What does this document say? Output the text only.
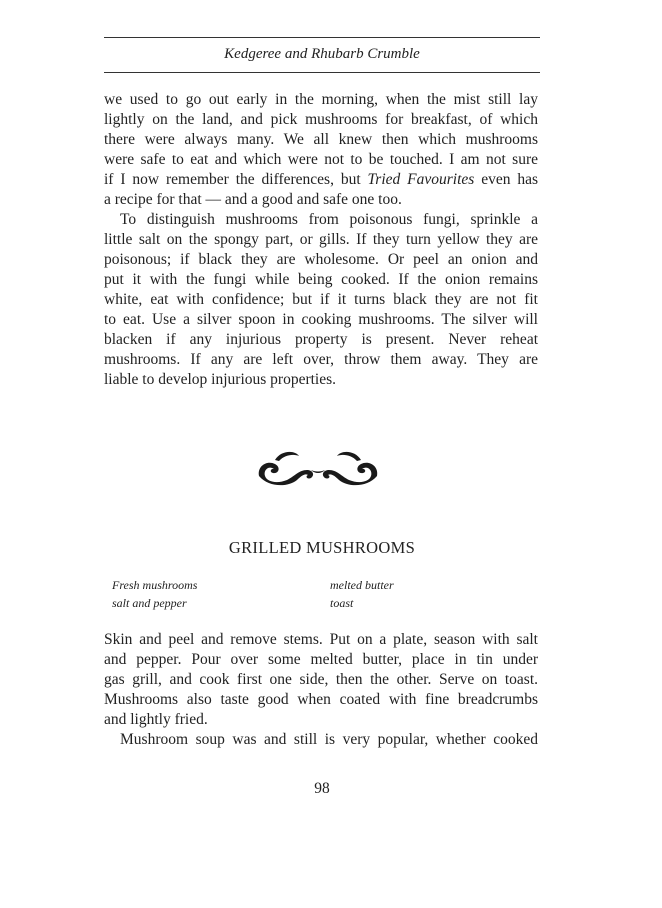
Kedgeree and Rhubarb Crumble
we used to go out early in the morning, when the mist still lay
lightly on the land, and pick mushrooms for breakfast, of which
there were always many. We all knew then which mushrooms
were safe to eat and which were not to be touched. I am not sure
if I now remember the differences, but Tried Favourites even has
a recipe for that — and a good and safe one too.
To distinguish mushrooms from poisonous fungi, sprinkle a
little salt on the spongy part, or gills. If they turn yellow they are
poisonous; if black they are wholesome. Or peel an onion and
put it with the fungi while being cooked. If the onion remains
white, eat with confidence; but if it turns black they are not fit
to eat. Use a silver spoon in cooking mushrooms. The silver will
blacken if any injurious property is present. Never reheat
mushrooms. If any are left over, throw them away. They are
liable to develop injurious properties.
GRILLED MUSHROOMS
Fresh mushrooms
salt and pepper
melted butter
toast
Skin and peel and remove stems. Put on a plate, season with salt
and pepper. Pour over some melted butter, place in tin under
gas grill, and cook first one side, then the other. Serve on toast.
Mushrooms also taste good when coated with fine breadcrumbs
and lightly fried.
Mushroom soup was and still is very popular, whether cooked
98
